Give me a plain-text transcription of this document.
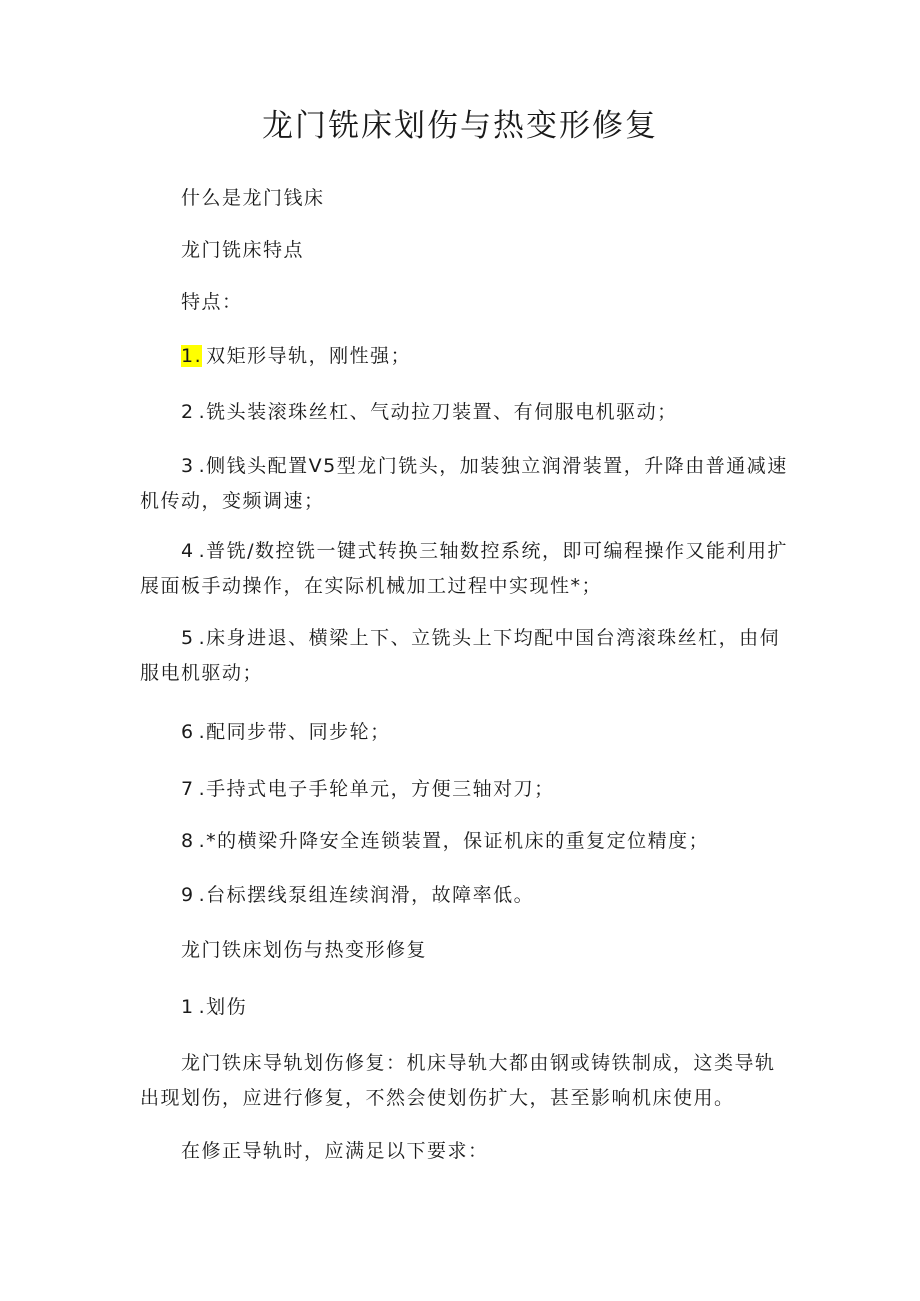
龙门铣床划伤与热变形修复

什么是龙门钱床

龙门铣床特点

特点：

1. 双矩形导轨，刚性强；

2 .铣头装滚珠丝杠、气动拉刀装置、有伺服电机驱动；

3 .侧钱头配置V5型龙门铣头，加装独立润滑装置，升降由普通减速机传动，变频调速；

4 .普铣/数控铣一键式转换三轴数控系统，即可编程操作又能利用扩展面板手动操作，在实际机械加工过程中实现性*；

5 .床身进退、横梁上下、立铣头上下均配中国台湾滚珠丝杠，由伺服电机驱动；

6 .配同步带、同步轮；

7 .手持式电子手轮单元，方便三轴对刀；

8 .*的横梁升降安全连锁装置，保证机床的重复定位精度；

9 .台标摆线泵组连续润滑，故障率低。

龙门铁床划伤与热变形修复

1 .划伤

龙门铁床导轨划伤修复：机床导轨大都由钢或铸铁制成，这类导轨出现划伤，应进行修复，不然会使划伤扩大，甚至影响机床使用。

在修正导轨时，应满足以下要求：
